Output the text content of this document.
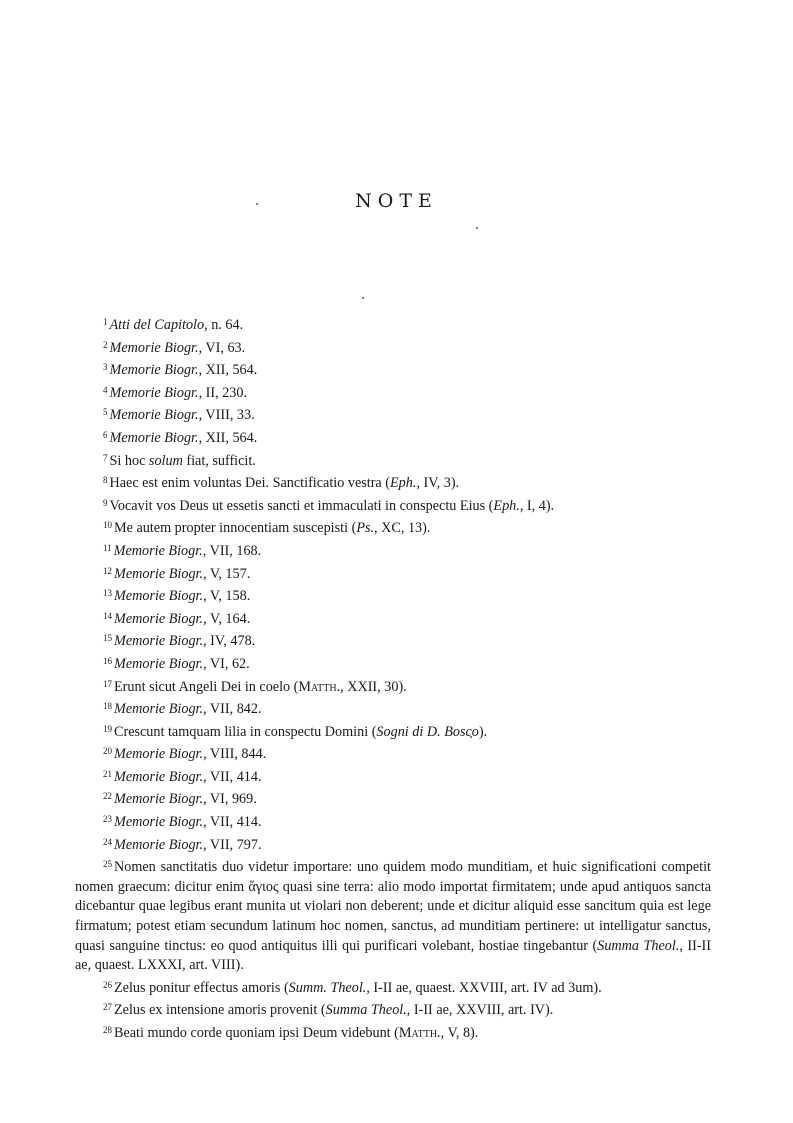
NOTE

$^1$ Atti del Capitolo, n. 64.

$^2$ Memorie Biogr., VI, 63.

$^3$ Memorie Biogr., XII, 564.

$^4$ Memorie Biogr., II, 230.

$^5$ Memorie Biogr., VIII, 33.

$^6$ Memorie Biogr., XII, 564.

$^7$ Si hoc solum fiat, sufficit.

$^8$ Haec est enim voluntas Dei. Sanctificatio vestra (Eph., IV, 3).

$^9$ Vocavit vos Deus ut essetis sancti et immaculati in conspectu Eius (Eph., I, 4).

$^{10}$ Me autem propter innocentiam suscepisti (Ps., XC, 13).

$^{11}$ Memorie Biogr., VII, 168.

$^{12}$ Memorie Biogr., V, 157.

$^{13}$ Memorie Biogr., V, 158.

$^{14}$ Memorie Biogr., V, 164.

$^{15}$ Memorie Biogr., IV, 478.

$^{16}$ Memorie Biogr., VI, 62.

$^{17}$ Erunt sicut Angeli Dei in coelo (Matth., XXII, 30).

$^{18}$ Memorie Biogr., VII, 842.

$^{19}$ Crescunt tamquam lilia in conspectu Domini (Sogni di D. Bosco).

$^{20}$ Memorie Biogr., VIII, 844.

$^{21}$ Memorie Biogr., VII, 414.

$^{22}$ Memorie Biogr., VI, 969.

$^{23}$ Memorie Biogr., VII, 414.

$^{24}$ Memorie Biogr., VII, 797.

$^{25}$ Nomen sanctitatis duo videtur importare: uno quidem modo munditiam, et huic significationi competit nomen graecum: dicitur enim ἅγιος quasi sine terra: alio modo importat firmitatem; unde apud antiquos sancta dicebantur quae legibus erant munita ut violari non deberent; unde et dicitur aliquid esse sancitum quia est lege firmatum; potest etiam secundum latinum hoc nomen, sanctus, ad munditiam pertinere: ut intelligatur sanctus, quasi sanguine tinctus: eo quod antiquitus illi qui purificari volebant, hostiae tingebantur (Summa Theol., II-II ae, quaest. LXXXI, art. VIII).

$^{26}$ Zelus ponitur effectus amoris (Summ. Theol., I-II ae, quaest. XXVIII, art. IV ad 3um).

$^{27}$ Zelus ex intensione amoris provenit (Summa Theol., I-II ae, XXVIII, art. IV).

$^{28}$ Beati mundo corde quoniam ipsi Deum videbunt (Matth., V, 8).
